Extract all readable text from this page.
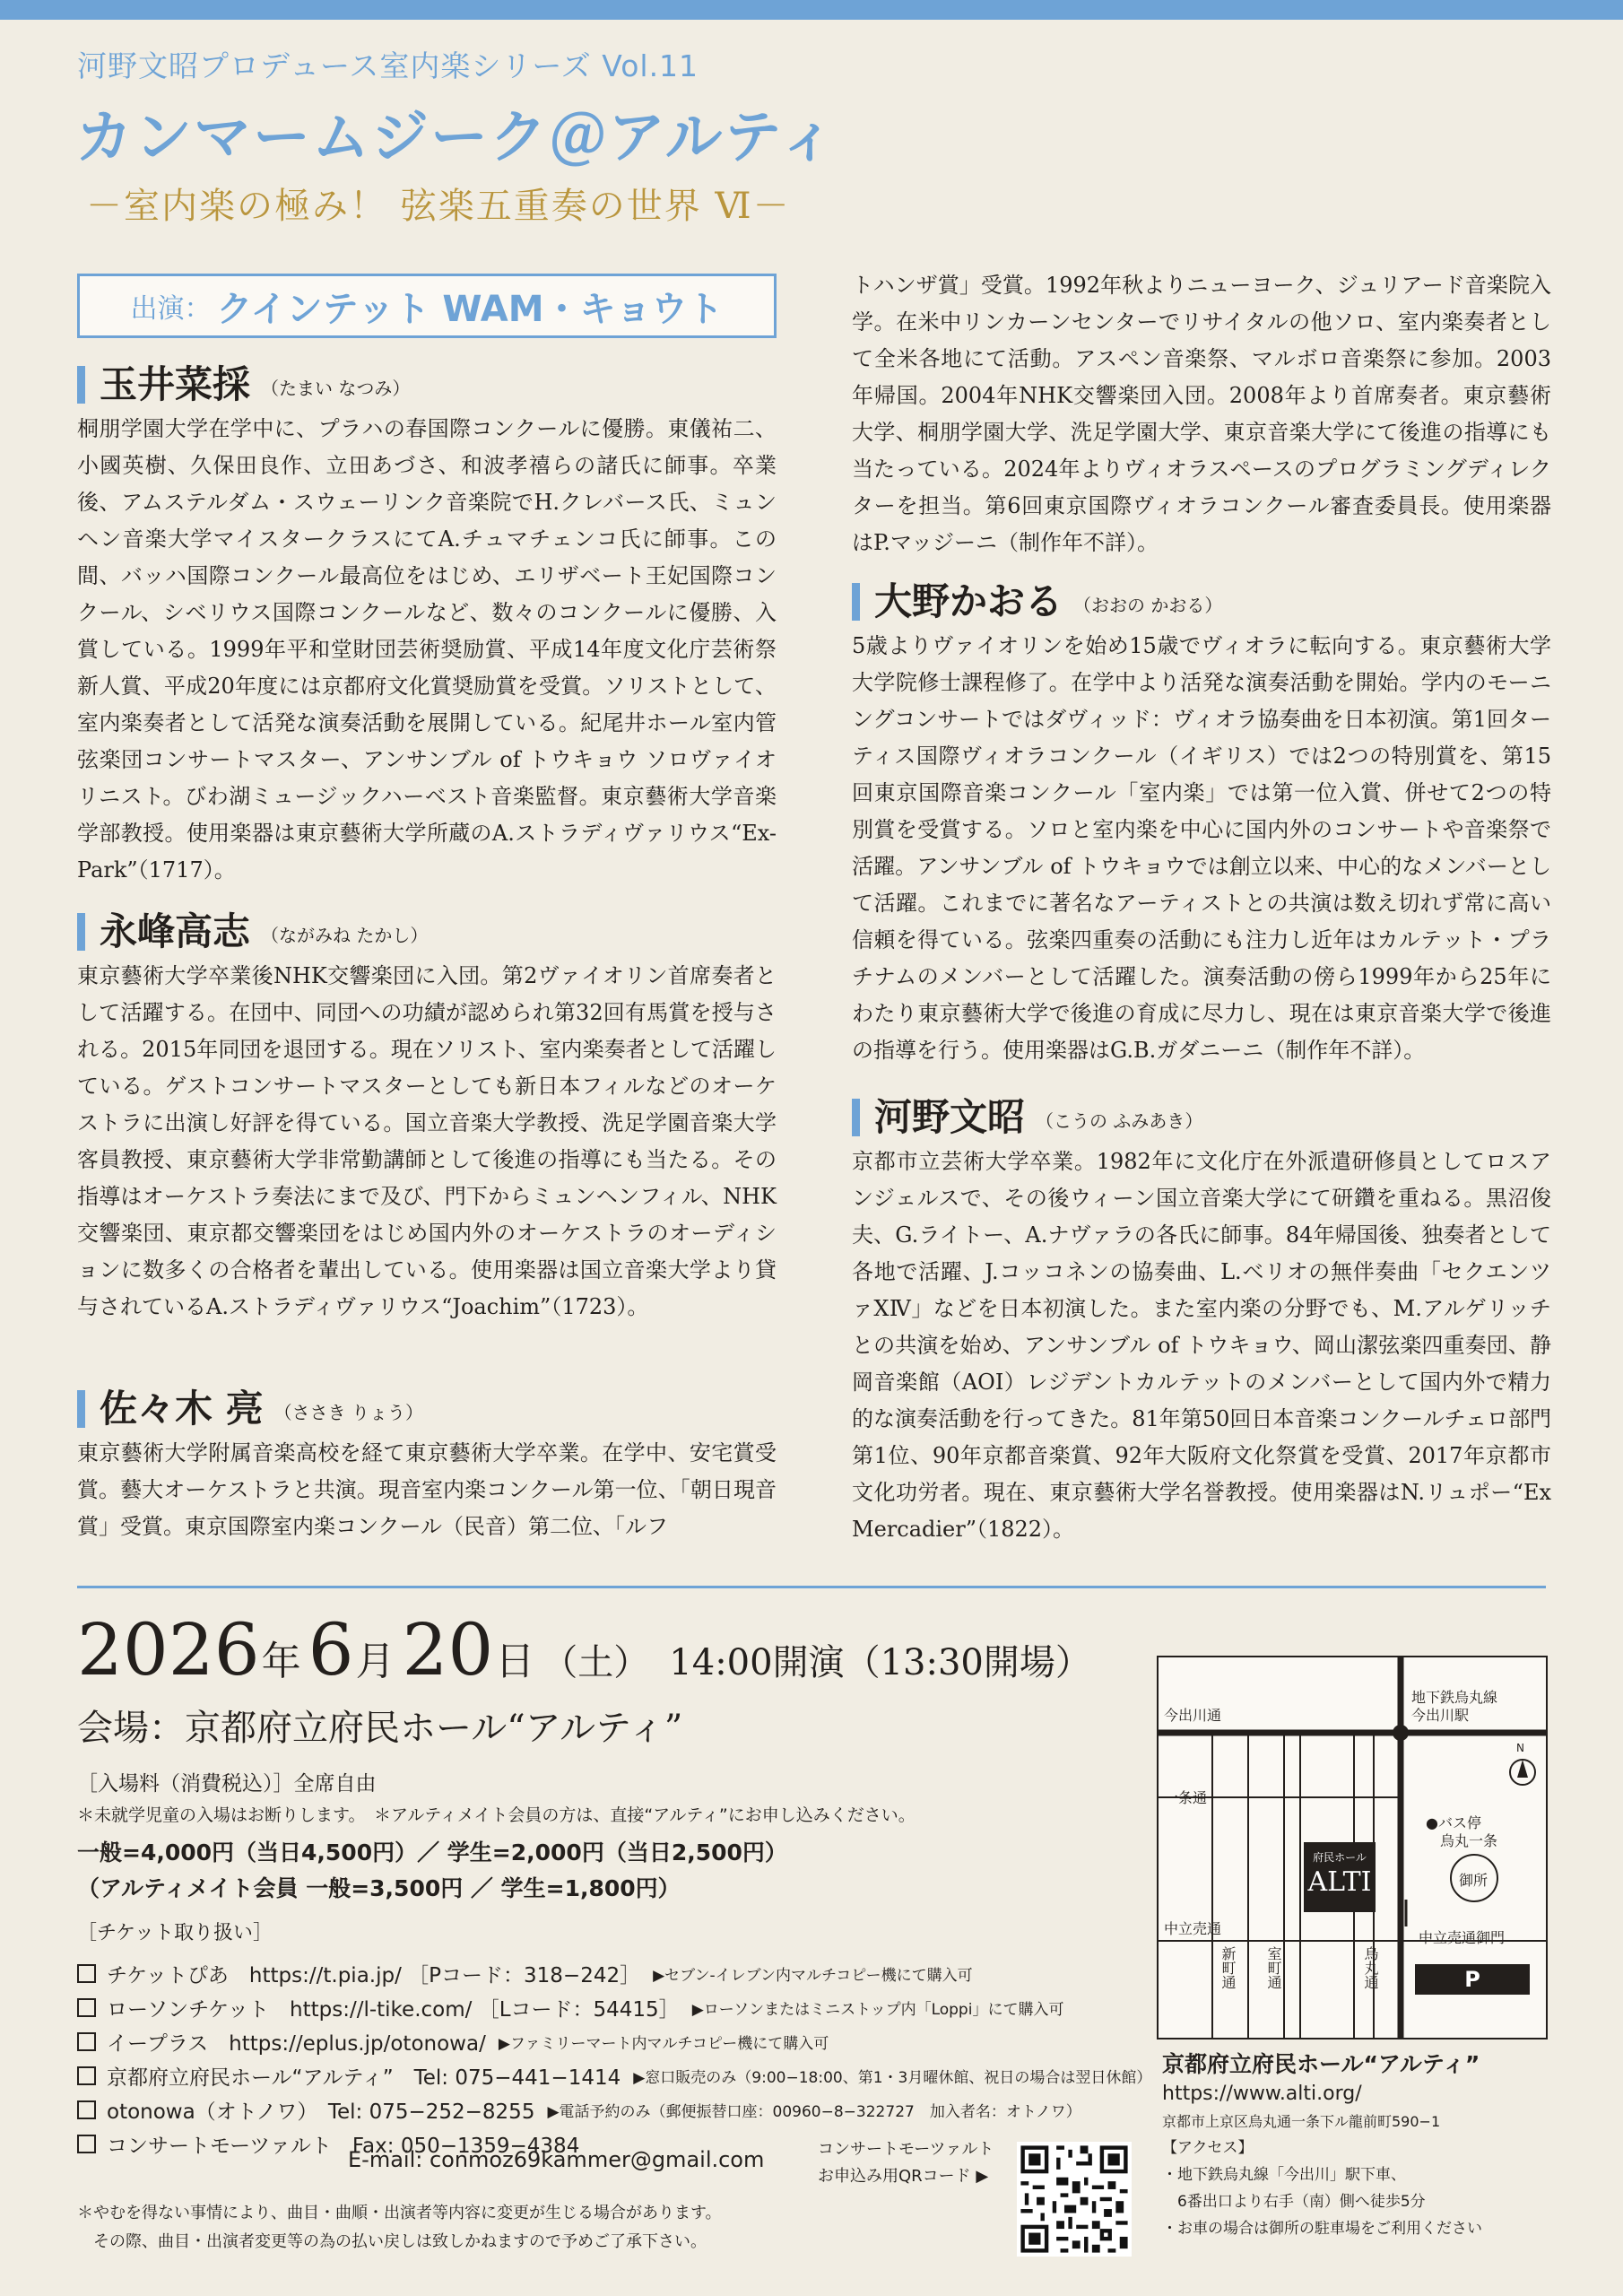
河野文昭プロデュース室内楽シリーズ Vol.11
カンマームジーク＠アルティ
－室内楽の極み！ 弦楽五重奏の世界 Ⅵ－
出演： クインテット WAM・キョウト
玉井菜採 （たまい なつみ）
桐朋学園大学在学中に、プラハの春国際コンクールに優勝。東儀祐二、小國英樹、久保田良作、立田あづさ、和波孝禧らの諸氏に師事。卒業後、アムステルダム・スウェーリンク音楽院でH.クレバース氏、ミュンヘン音楽大学マイスタークラスにてA.チュマチェンコ氏に師事。この間、バッハ国際コンクール最高位をはじめ、エリザベート王妃国際コンクール、シベリウス国際コンクールなど、数々のコンクールに優勝、入賞している。1999年平和堂財団芸術奨励賞、平成14年度文化庁芸術祭新人賞、平成20年度には京都府文化賞奨励賞を受賞。ソリストとして、室内楽奏者として活発な演奏活動を展開している。紀尾井ホール室内管弦楽団コンサートマスター、アンサンブル of トウキョウ ソロヴァイオリニスト。びわ湖ミュージックハーベスト音楽監督。東京藝術大学音楽学部教授。使用楽器は東京藝術大学所蔵のA.ストラディヴァリウス“Ex-Park”（1717）。
永峰高志 （ながみね たかし）
東京藝術大学卒業後NHK交響楽団に入団。第2ヴァイオリン首席奏者として活躍する。在団中、同団への功績が認められ第32回有馬賞を授与される。2015年同団を退団する。現在ソリスト、室内楽奏者として活躍している。ゲストコンサートマスターとしても新日本フィルなどのオーケストラに出演し好評を得ている。国立音楽大学教授、洗足学園音楽大学客員教授、東京藝術大学非常勤講師として後進の指導にも当たる。その指導はオーケストラ奏法にまで及び、門下からミュンヘンフィル、NHK交響楽団、東京都交響楽団をはじめ国内外のオーケストラのオーディションに数多くの合格者を輩出している。使用楽器は国立音楽大学より貸与されているA.ストラディヴァリウス“Joachim”（1723）。
佐々木 亮 （ささき りょう）
東京藝術大学附属音楽高校を経て東京藝術大学卒業。在学中、安宅賞受賞。藝大オーケストラと共演。現音室内楽コンクール第一位、「朝日現音賞」受賞。東京国際室内楽コンクール（民音）第二位、「ルフ
トハンザ賞」受賞。1992年秋よりニューヨーク、ジュリアード音楽院入学。在米中リンカーンセンターでリサイタルの他ソロ、室内楽奏者として全米各地にて活動。アスペン音楽祭、マルボロ音楽祭に参加。2003年帰国。2004年NHK交響楽団入団。2008年より首席奏者。東京藝術大学、桐朋学園大学、洗足学園大学、東京音楽大学にて後進の指導にも当たっている。2024年よりヴィオラスペースのプログラミングディレクターを担当。第6回東京国際ヴィオラコンクール審査委員長。使用楽器はP.マッジーニ（制作年不詳）。
大野かおる （おおの かおる）
5歳よりヴァイオリンを始め15歳でヴィオラに転向する。東京藝術大学大学院修士課程修了。在学中より活発な演奏活動を開始。学内のモーニングコンサートではダヴィッド：ヴィオラ協奏曲を日本初演。第1回ターティス国際ヴィオラコンクール（イギリス）では2つの特別賞を、第15回東京国際音楽コンクール「室内楽」では第一位入賞、併せて2つの特別賞を受賞する。ソロと室内楽を中心に国内外のコンサートや音楽祭で活躍。アンサンブル of トウキョウでは創立以来、中心的なメンバーとして活躍。これまでに著名なアーティストとの共演は数え切れず常に高い信頼を得ている。弦楽四重奏の活動にも注力し近年はカルテット・プラチナムのメンバーとして活躍した。演奏活動の傍ら1999年から25年にわたり東京藝術大学で後進の育成に尽力し、現在は東京音楽大学で後進の指導を行う。使用楽器はG.B.ガダニーニ（制作年不詳）。
河野文昭 （こうの ふみあき）
京都市立芸術大学卒業。1982年に文化庁在外派遣研修員としてロスアンジェルスで、その後ウィーン国立音楽大学にて研鑽を重ねる。黒沼俊夫、G.ライトー、A.ナヴァラの各氏に師事。84年帰国後、独奏者として各地で活躍、J.コッコネンの協奏曲、L.ベリオの無伴奏曲「セクエンツァⅩⅣ」などを日本初演した。また室内楽の分野でも、M.アルゲリッチとの共演を始め、アンサンブル of トウキョウ、岡山潔弦楽四重奏団、静岡音楽館（AOI）レジデントカルテットのメンバーとして国内外で精力的な演奏活動を行ってきた。81年第50回日本音楽コンクールチェロ部門第1位、90年京都音楽賞、92年大阪府文化祭賞を受賞、2017年京都市文化功労者。現在、東京藝術大学名誉教授。使用楽器はN.リュポー“Ex Mercadier”（1822）。
2026 年 6 月 20 日 （土） 14:00開演（13:30開場）
会場：京都府立府民ホール“アルティ”
［入場料（消費税込）］全席自由
＊未就学児童の入場はお断りします。　＊アルティメイト会員の方は、直接“アルティ”にお申し込みください。
一般=4,000円（当日4,500円）／ 学生=2,000円（当日2,500円）
（アルティメイト会員 一般=3,500円 ／ 学生=1,800円）
［チケット取り扱い］
チケットぴあ　https://t.pia.jp/ ［Pコード：318−242］ ▶セブン-イレブン内マルチコピー機にて購入可
ローソンチケット　https://l-tike.com/ ［Lコード：54415］ ▶ローソンまたはミニストップ内「Loppi」にて購入可
イープラス　https://eplus.jp/otonowa/ ▶ファミリーマート内マルチコピー機にて購入可
京都府立府民ホール“アルティ”　Tel: 075−441−1414 ▶窓口販売のみ（9:00−18:00、第1・3月曜休館、祝日の場合は翌日休館）
otonowa（オトノワ）　Tel: 075−252−8255 ▶電話予約のみ（郵便振替口座：00960−8−322727　加入者名：オトノワ）
コンサートモーツァルト　Fax: 050−1359−4384
E-mail: conmoz69kammer@gmail.com
＊やむを得ない事情により、曲目・曲順・出演者等内容に変更が生じる場合があります。
　その際、曲目・出演者変更等の為の払い戻しは致しかねますので予めご了承下さい。
コンサートモーツァルト
お申込み用QRコード ▶
今出川通
地下鉄烏丸線
今出川駅
一条通
中立売通
●バス停
烏丸一条
御所
中立売通御門
N
新町通 室町通	烏丸通
府民ホール
ALTI
P
京都府立府民ホール“アルティ”
https://www.alti.org/
京都市上京区烏丸通一条下ル龍前町590−1
【アクセス】
・地下鉄烏丸線「今出川」駅下車、
　6番出口より右手（南）側へ徒歩5分
・お車の場合は御所の駐車場をご利用ください
